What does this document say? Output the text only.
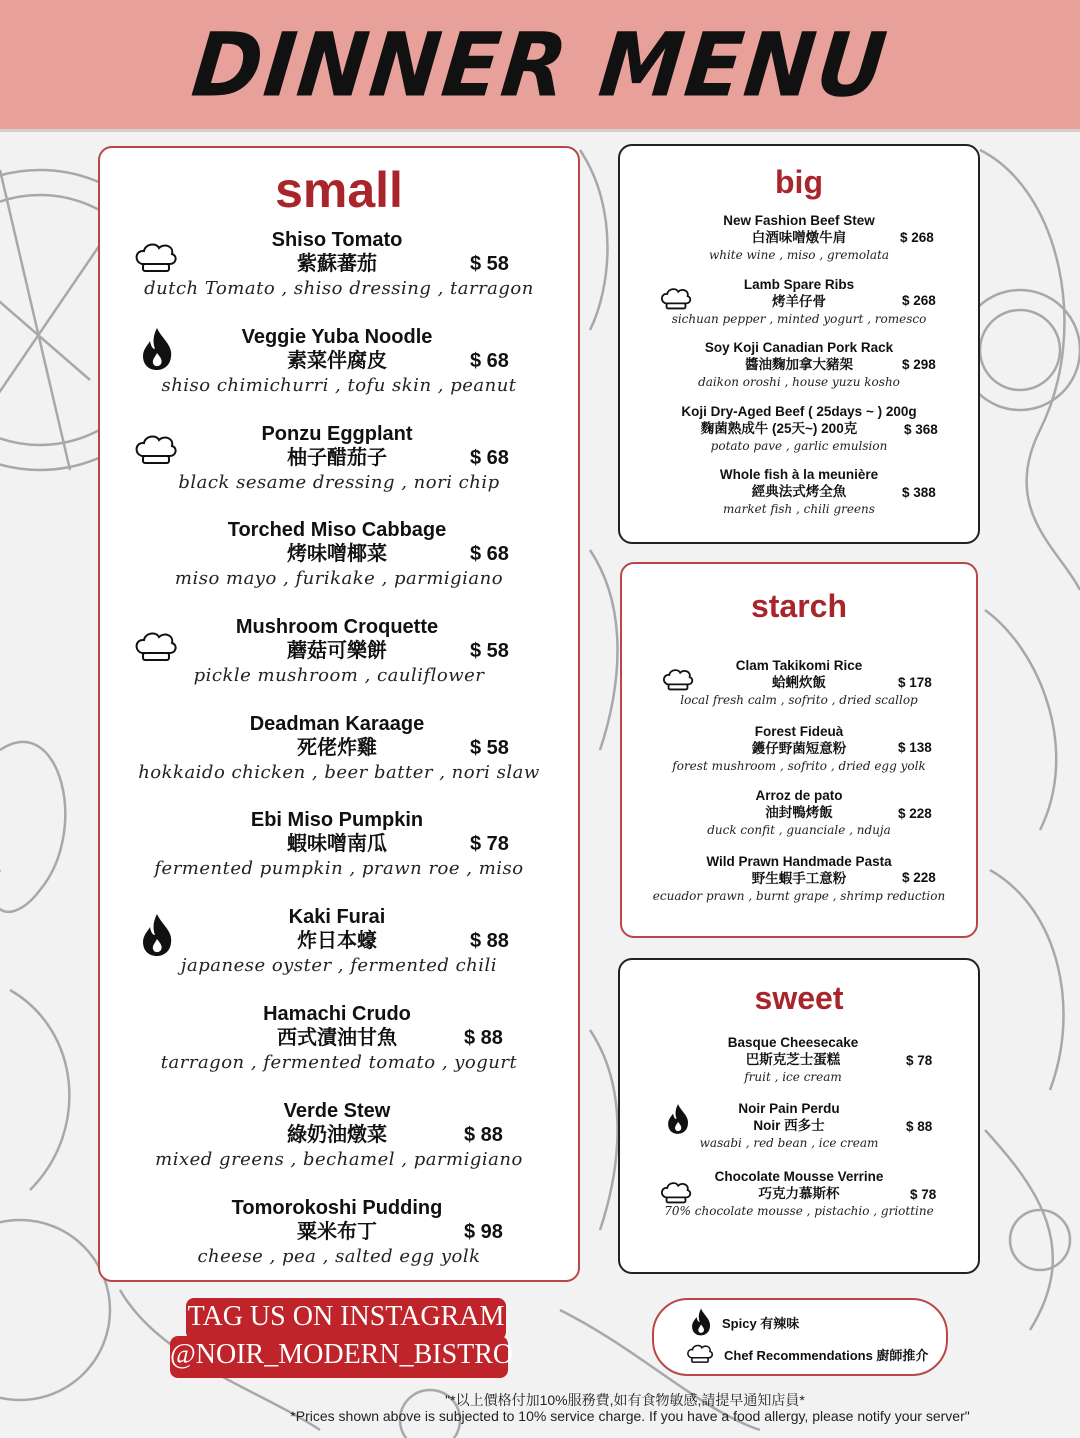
DINNER MENU
small
Shiso Tomato
紫蘇蕃茄	$ 58
dutch Tomato , shiso dressing , tarragon
Veggie Yuba Noodle
素菜伴腐皮	$ 68
shiso chimichurri , tofu skin , peanut
Ponzu Eggplant
柚子醋茄子	$ 68
black sesame dressing , nori chip
Torched Miso Cabbage
烤味噌椰菜	$ 68
miso mayo , furikake , parmigiano
Mushroom Croquette
蘑菇可樂餅	$ 58
pickle mushroom , cauliflower
Deadman Karaage
死佬炸雞	$ 58
hokkaido chicken , beer batter , nori slaw
Ebi Miso Pumpkin
蝦味噌南瓜	$ 78
fermented pumpkin , prawn roe , miso
Kaki Furai
炸日本蠔	$ 88
japanese oyster , fermented chili
Hamachi Crudo
西式漬油甘魚	$ 88
tarragon , fermented tomato , yogurt
Verde Stew
綠奶油燉菜	$ 88
mixed greens , bechamel , parmigiano
Tomorokoshi Pudding
粟米布丁	$ 98
cheese , pea , salted egg yolk
big
New Fashion Beef Stew
白酒味噌燉牛肩
white wine , miso , gremolata
$ 268
Lamb Spare Ribs
烤羊仔骨
sichuan pepper , minted yogurt , romesco
$ 268
Soy Koji Canadian Pork Rack
醬油麴加拿大豬架
daikon oroshi , house yuzu kosho
$ 298
Koji Dry-Aged Beef ( 25days ~ ) 200g
麴菌熟成牛 (25天~) 200克
potato pave , garlic emulsion
$ 368
Whole fish à la meunière
經典法式烤全魚
market fish , chili greens
$ 388
starch
Clam Takikomi Rice
蛤蜊炊飯
local fresh calm , sofrito , dried scallop
$ 178
Forest Fideuà
鑊仔野菌短意粉
forest mushroom , sofrito , dried egg yolk
$ 138
Arroz de pato
油封鴨烤飯
duck confit , guanciale , nduja
$ 228
Wild Prawn Handmade Pasta
野生蝦手工意粉
ecuador prawn , burnt grape , shrimp reduction
$ 228
sweet
Basque Cheesecake
巴斯克芝士蛋糕
fruit , ice cream
$ 78
Noir Pain Perdu
Noir 西多士
wasabi , red bean , ice cream
$ 88
Chocolate Mousse Verrine
巧克力慕斯杯
70% chocolate mousse , pistachio , griottine
$ 78
TAG US ON INSTAGRAM
@NOIR_MODERN_BISTRO
Spicy 有辣味
Chef Recommendations 廚師推介
"*以上價格付加10%服務費,如有食物敏感,請提早通知店員*
*Prices shown above is subjected to 10% service charge. If you have a food allergy, please notify your server"
